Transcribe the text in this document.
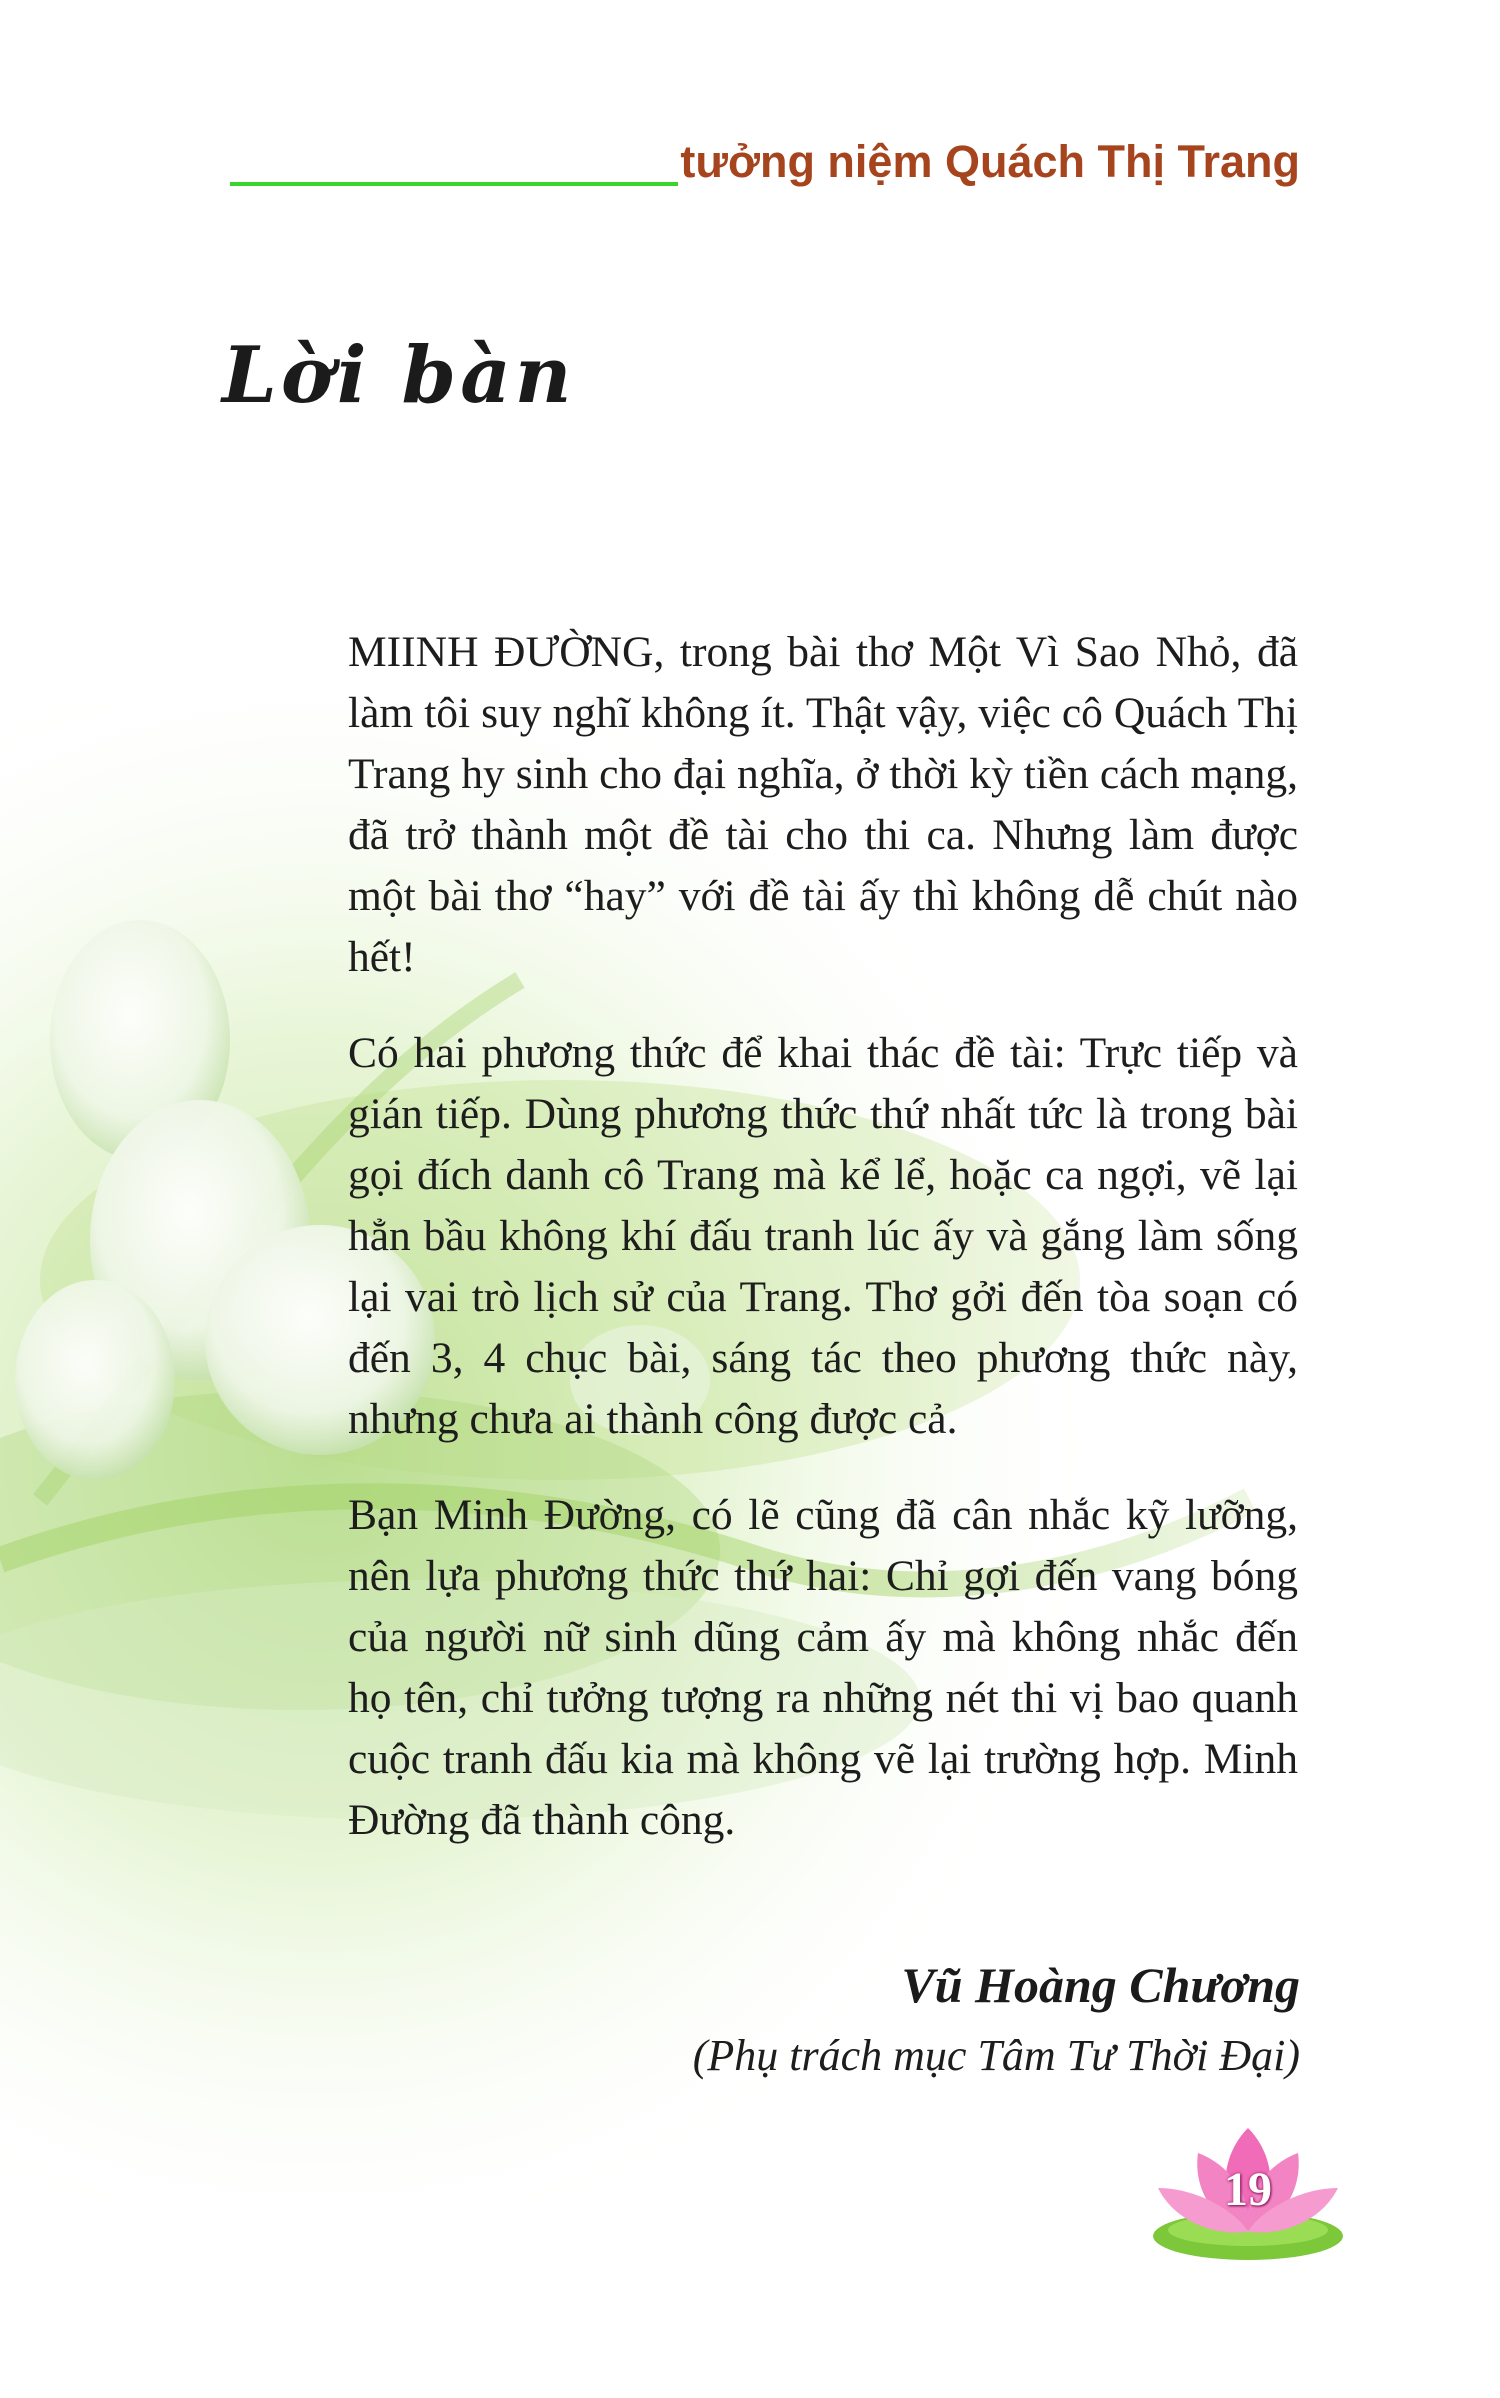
tưởng niệm Quách Thị Trang
Lời bàn

MIINH ĐƯỜNG, trong bài thơ Một Vì Sao Nhỏ, đã làm tôi suy nghĩ không ít. Thật vậy, việc cô Quách Thị Trang hy sinh cho đại nghĩa, ở thời kỳ tiền cách mạng, đã trở thành một đề tài cho thi ca. Nhưng làm được một bài thơ “hay” với đề tài ấy thì không dễ chút nào hết!

Có hai phương thức để khai thác đề tài: Trực tiếp và gián tiếp. Dùng phương thức thứ nhất tức là trong bài gọi đích danh cô Trang mà kể lể, hoặc ca ngợi, vẽ lại hẳn bầu không khí đấu tranh lúc ấy và gắng làm sống lại vai trò lịch sử của Trang. Thơ gởi đến tòa soạn có đến 3, 4 chục bài, sáng tác theo phương thức này, nhưng chưa ai thành công được cả.

Bạn Minh Đường, có lẽ cũng đã cân nhắc kỹ lưỡng, nên lựa phương thức thứ hai: Chỉ gợi đến vang bóng của người nữ sinh dũng cảm ấy mà không nhắc đến họ tên, chỉ tưởng tượng ra những nét thi vị bao quanh cuộc tranh đấu kia mà không vẽ lại trường hợp. Minh Đường đã thành công.

Vũ Hoàng Chương
(Phụ trách mục Tâm Tư Thời Đại)
19
